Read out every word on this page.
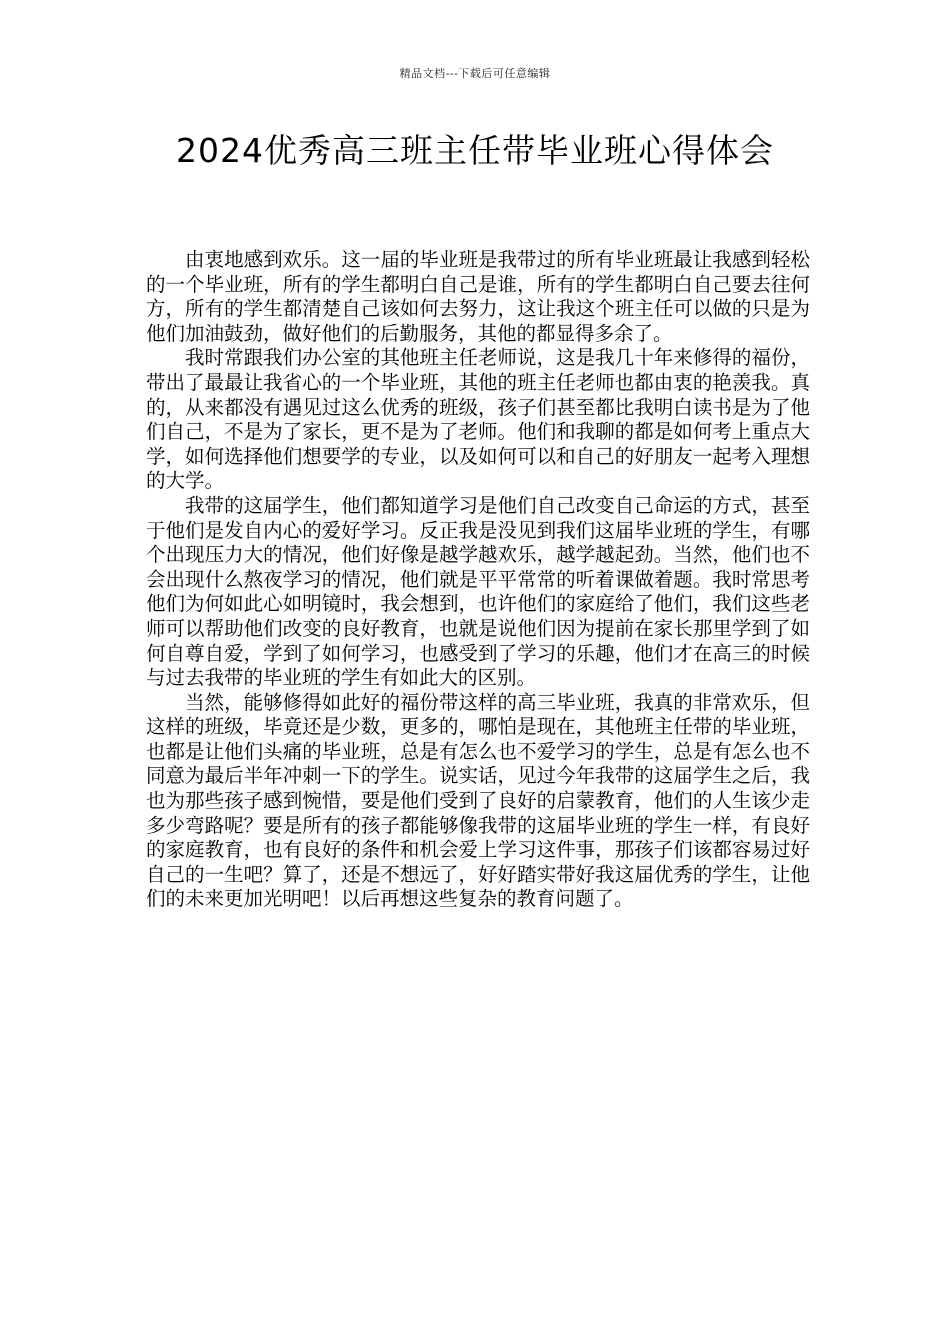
精品文档---下载后可任意编辑
2024优秀高三班主任带毕业班心得体会

由衷地感到欢乐。这一届的毕业班是我带过的所有毕业班最让我感到轻松的一个毕业班，所有的学生都明白自己是谁，所有的学生都明白自己要去往何方，所有的学生都清楚自己该如何去努力，这让我这个班主任可以做的只是为他们加油鼓劲，做好他们的后勤服务，其他的都显得多余了。

我时常跟我们办公室的其他班主任老师说，这是我几十年来修得的福份，带出了最最让我省心的一个毕业班，其他的班主任老师也都由衷的艳羡我。真的，从来都没有遇见过这么优秀的班级，孩子们甚至都比我明白读书是为了他们自己，不是为了家长，更不是为了老师。他们和我聊的都是如何考上重点大学，如何选择他们想要学的专业，以及如何可以和自己的好朋友一起考入理想的大学。

我带的这届学生，他们都知道学习是他们自己改变自己命运的方式，甚至于他们是发自内心的爱好学习。反正我是没见到我们这届毕业班的学生，有哪个出现压力大的情况，他们好像是越学越欢乐，越学越起劲。当然，他们也不会出现什么熬夜学习的情况，他们就是平平常常的听着课做着题。我时常思考他们为何如此心如明镜时，我会想到，也许他们的家庭给了他们，我们这些老师可以帮助他们改变的良好教育，也就是说他们因为提前在家长那里学到了如何自尊自爱，学到了如何学习，也感受到了学习的乐趣，他们才在高三的时候与过去我带的毕业班的学生有如此大的区别。

当然，能够修得如此好的福份带这样的高三毕业班，我真的非常欢乐，但这样的班级，毕竟还是少数，更多的，哪怕是现在，其他班主任带的毕业班，也都是让他们头痛的毕业班，总是有怎么也不爱学习的学生，总是有怎么也不同意为最后半年冲刺一下的学生。说实话，见过今年我带的这届学生之后，我也为那些孩子感到惋惜，要是他们受到了良好的启蒙教育，他们的人生该少走多少弯路呢？要是所有的孩子都能够像我带的这届毕业班的学生一样，有良好的家庭教育，也有良好的条件和机会爱上学习这件事，那孩子们该都容易过好自己的一生吧？算了，还是不想远了，好好踏实带好我这届优秀的学生，让他们的未来更加光明吧！以后再想这些复杂的教育问题了。
